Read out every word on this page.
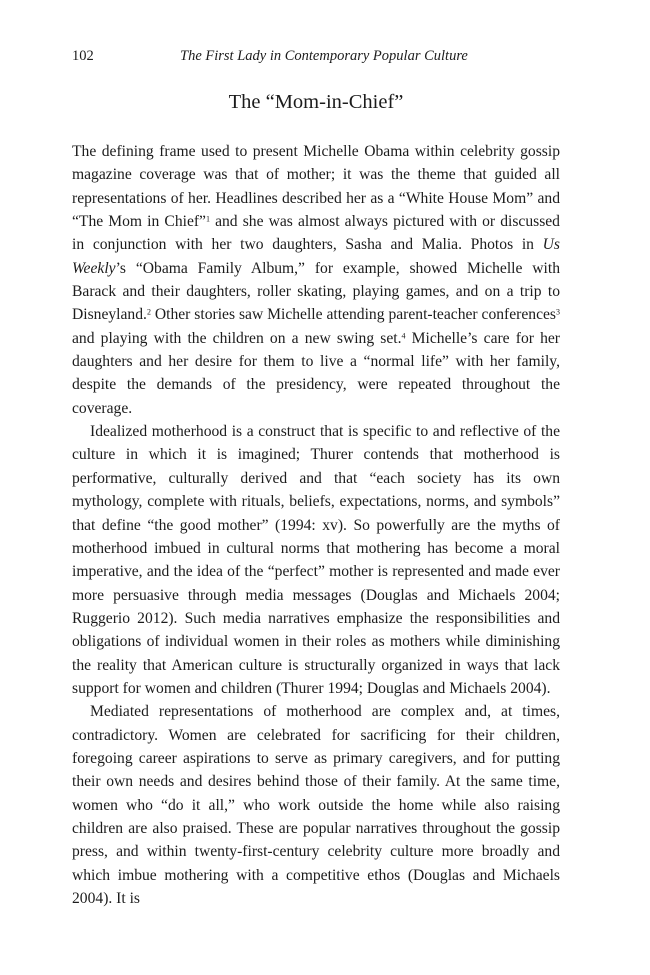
102	The First Lady in Contemporary Popular Culture
The “Mom-in-Chief”

The defining frame used to present Michelle Obama within celebrity gossip magazine coverage was that of mother; it was the theme that guided all representations of her. Headlines described her as a “White House Mom” and “The Mom in Chief”$^1$ and she was almost always pictured with or discussed in conjunction with her two daughters, Sasha and Malia. Photos in Us Weekly’s “Obama Family Album,” for example, showed Michelle with Barack and their daughters, roller skating, playing games, and on a trip to Disneyland.$^2$ Other stories saw Michelle attending parent-teacher conferences$^3$ and playing with the children on a new swing set.$^4$ Michelle’s care for her daughters and her desire for them to live a “normal life” with her family, despite the demands of the presidency, were repeated throughout the coverage.

Idealized motherhood is a construct that is specific to and reflective of the culture in which it is imagined; Thurer contends that motherhood is performative, culturally derived and that “each society has its own mythology, complete with rituals, beliefs, expectations, norms, and symbols” that define “the good mother” (1994: xv). So powerfully are the myths of motherhood imbued in cultural norms that mothering has become a moral imperative, and the idea of the “perfect” mother is represented and made ever more persuasive through media messages (Douglas and Michaels 2004; Ruggerio 2012). Such media narratives emphasize the responsibilities and obligations of individual women in their roles as mothers while diminishing the reality that American culture is structurally organized in ways that lack support for women and children (Thurer 1994; Douglas and Michaels 2004).

Mediated representations of motherhood are complex and, at times, contradictory. Women are celebrated for sacrificing for their children, foregoing career aspirations to serve as primary caregivers, and for putting their own needs and desires behind those of their family. At the same time, women who “do it all,” who work outside the home while also raising children are also praised. These are popular narratives throughout the gossip press, and within twenty-first-century celebrity culture more broadly and which imbue mothering with a competitive ethos (Douglas and Michaels 2004). It is
